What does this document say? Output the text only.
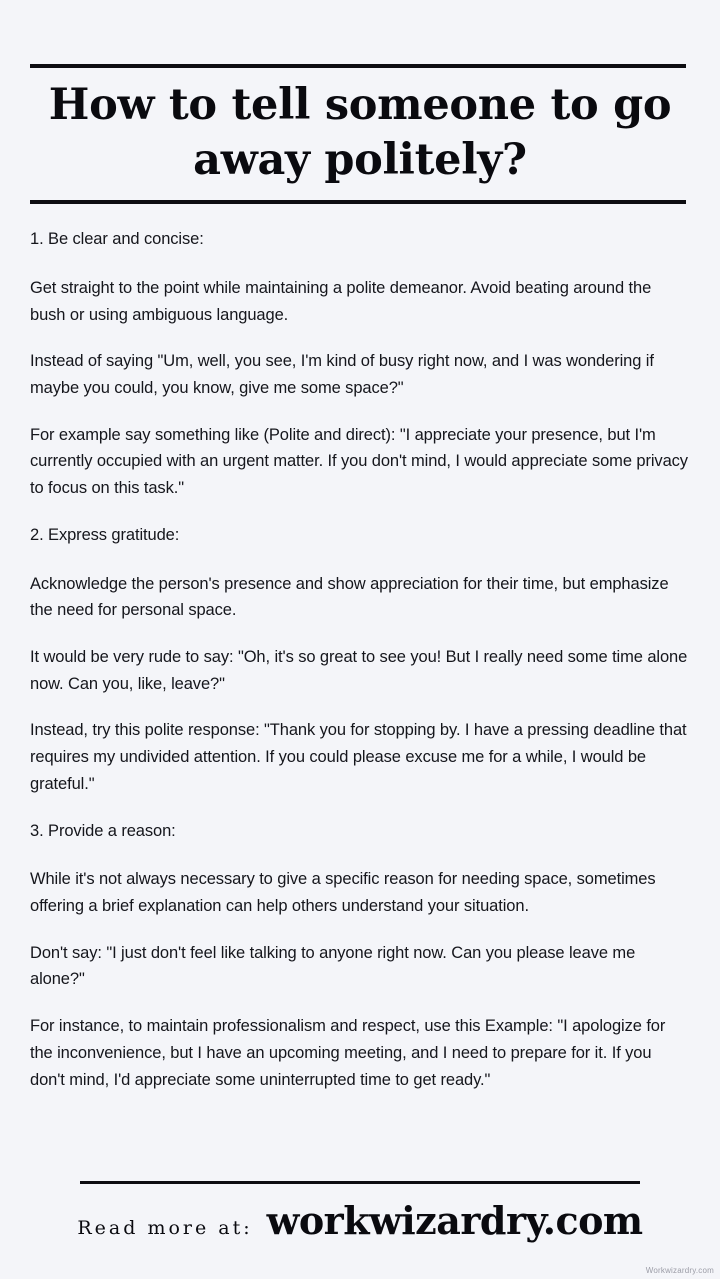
How to tell someone to go away politely?

1. Be clear and concise:

Get straight to the point while maintaining a polite demeanor. Avoid beating around the bush or using ambiguous language.

Instead of saying "Um, well, you see, I'm kind of busy right now, and I was wondering if maybe you could, you know, give me some space?"

For example say something like (Polite and direct): "I appreciate your presence, but I'm currently occupied with an urgent matter. If you don't mind, I would appreciate some privacy to focus on this task."

2. Express gratitude:

Acknowledge the person's presence and show appreciation for their time, but emphasize the need for personal space.

It would be very rude to say: "Oh, it's so great to see you! But I really need some time alone now. Can you, like, leave?"

Instead, try this polite response: "Thank you for stopping by. I have a pressing deadline that requires my undivided attention. If you could please excuse me for a while, I would be grateful."

3. Provide a reason:

While it's not always necessary to give a specific reason for needing space, sometimes offering a brief explanation can help others understand your situation.

Don't say: "I just don't feel like talking to anyone right now. Can you please leave me alone?"

For instance, to maintain professionalism and respect, use this Example: "I apologize for the inconvenience, but I have an upcoming meeting, and I need to prepare for it. If you don't mind, I'd appreciate some uninterrupted time to get ready."

Read more at: workwizardry.com
Workwizardry.com
